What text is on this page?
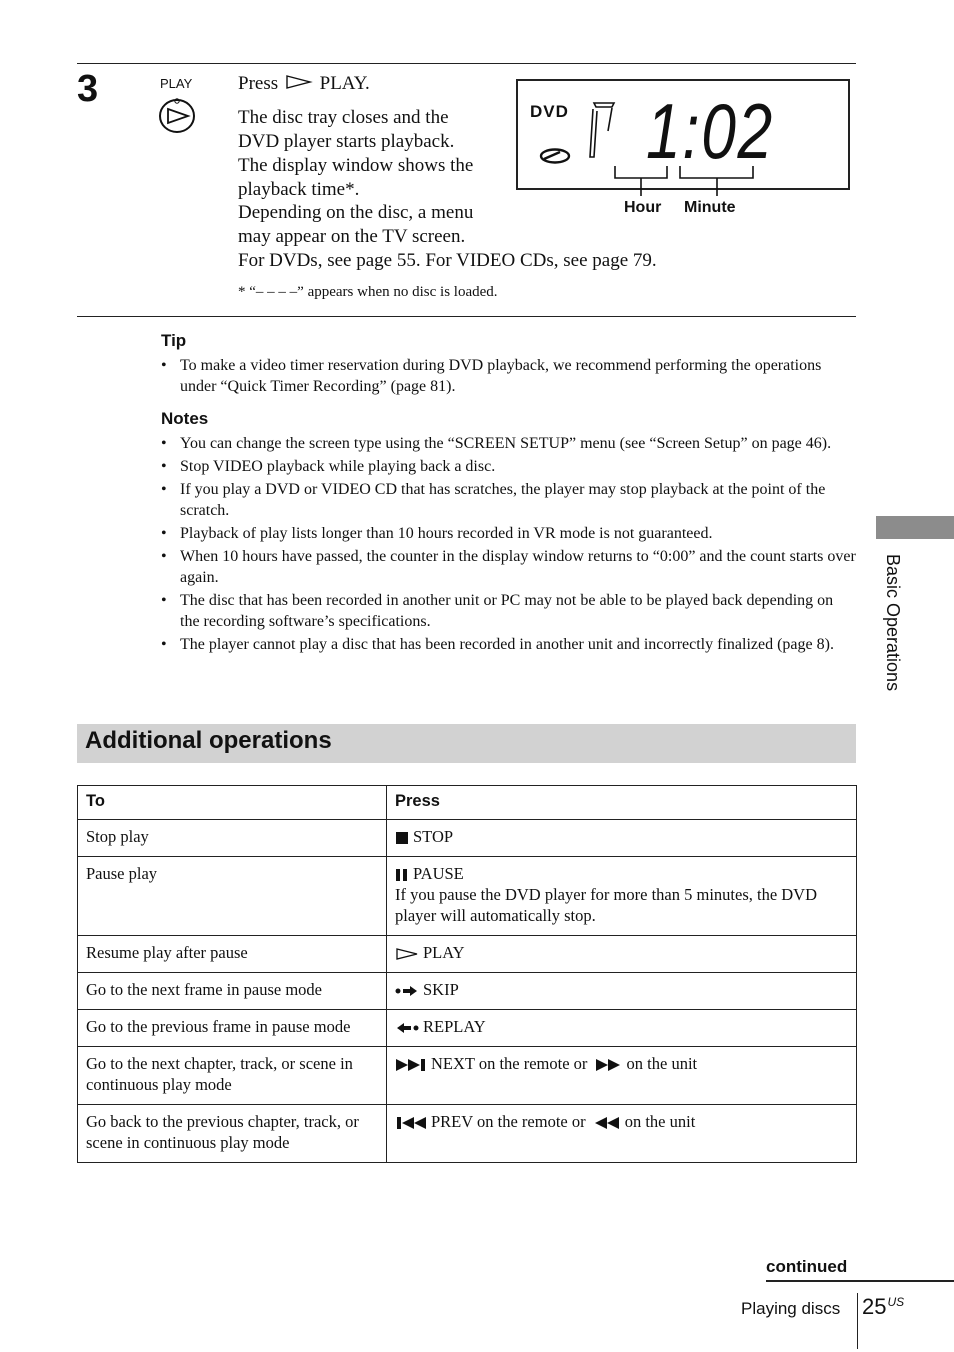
3	PLAY Press PLAY.
The disc tray closes and the
DVD player starts playback.
The display window shows the
playback time*.
Depending on the disc, a menu
may appear on the TV screen.
For DVDs, see page 55. For VIDEO CDs, see page 79.
* “– – – –” appears when no disc is loaded.
DVD 1:02
Hour Minute
Tip
• To make a video timer reservation during DVD playback, we recommend performing the operations under “Quick Timer Recording” (page 81).
Notes
• You can change the screen type using the “SCREEN SETUP” menu (see “Screen Setup” on page 46).
• Stop VIDEO playback while playing back a disc.
• If you play a DVD or VIDEO CD that has scratches, the player may stop playback at the point of the scratch.
• Playback of play lists longer than 10 hours recorded in VR mode is not guaranteed.
• When 10 hours have passed, the counter in the display window returns to “0:00” and the count starts over again.
• The disc that has been recorded in another unit or PC may not be able to be played back depending on the recording software’s specifications.
• The player cannot play a disc that has been recorded in another unit and incorrectly finalized (page 8).
Additional operations
To	Press
Stop play	STOP
Pause play	PAUSE
If you pause the DVD player for more than 5 minutes, the DVD player will automatically stop.
Resume play after pause	PLAY
Go to the next frame in pause mode	SKIP
Go to the previous frame in pause mode	REPLAY
Go to the next chapter, track, or scene in continuous play mode	NEXT on the remote or on the unit
Go back to the previous chapter, track, or scene in continuous play mode	PREV on the remote or on the unit
Basic Operations
continued
Playing discs $25^{US}$
